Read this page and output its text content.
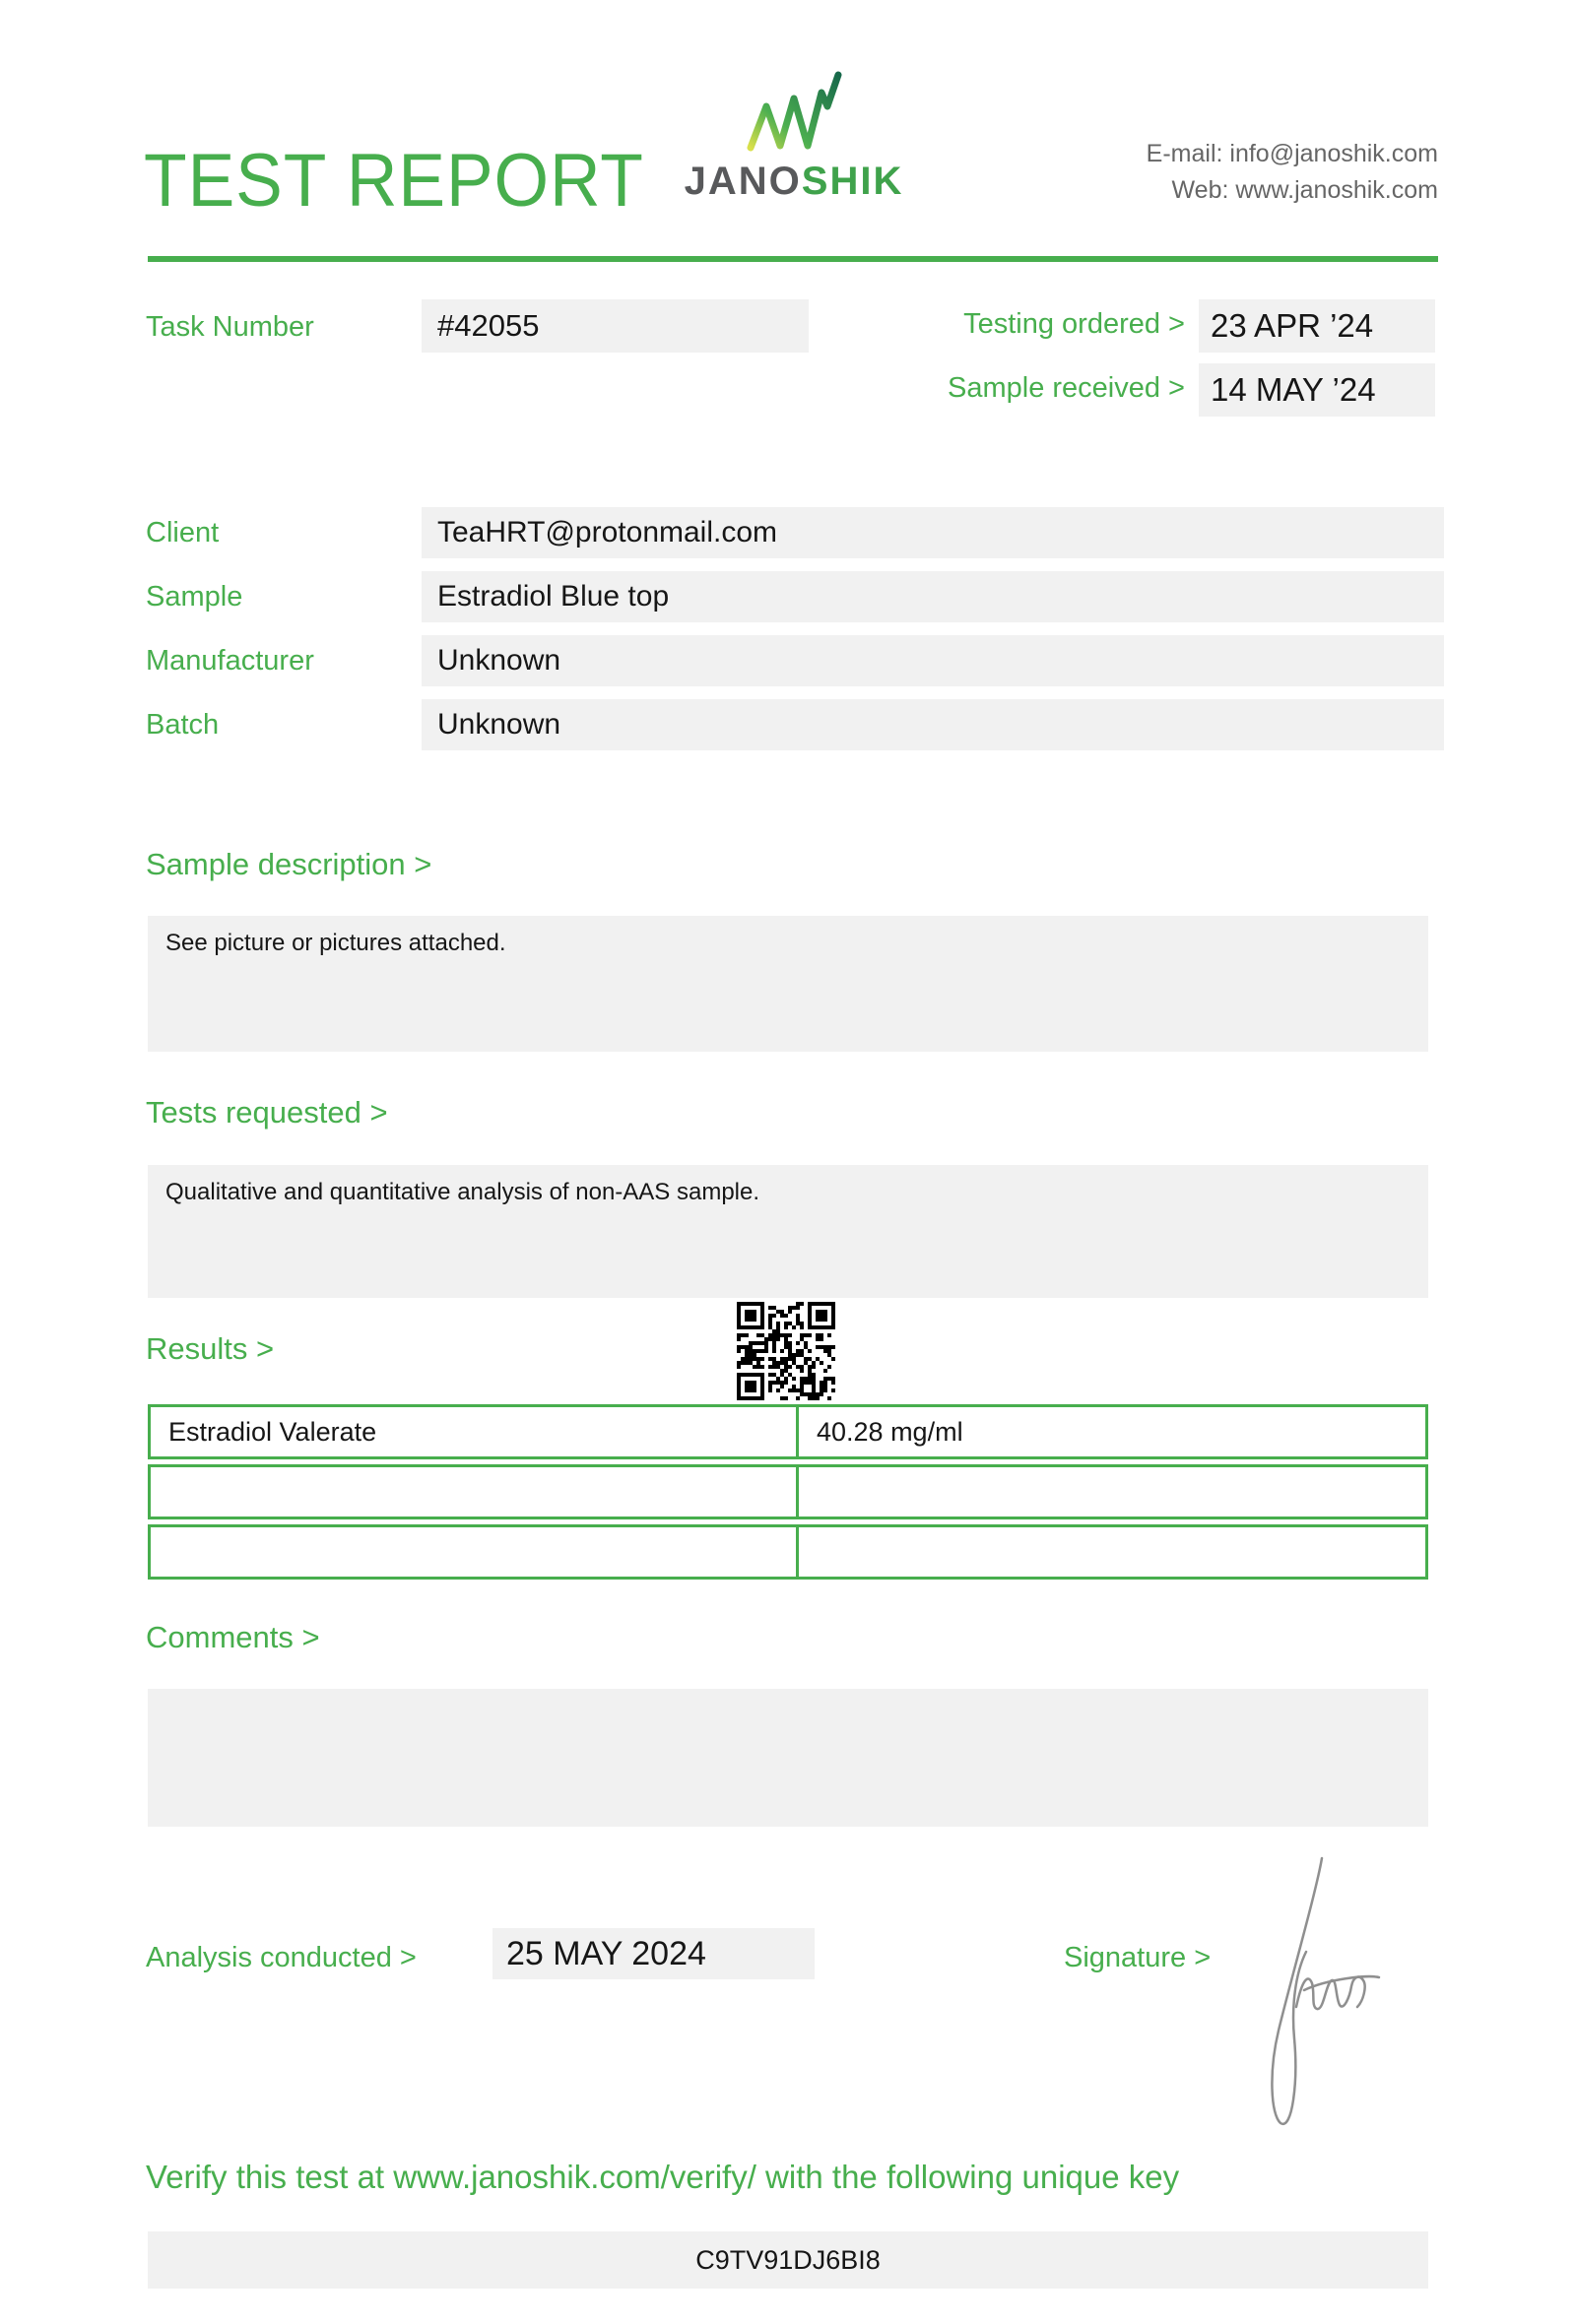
TEST REPORT JANOSHIK
E-mail: info@janoshik.com
Web: www.janoshik.com
Task Number	#42055	Testing ordered > 23 APR ’24
Sample received > 14 MAY ’24
Client	TeaHRT@protonmail.com
Sample	Estradiol Blue top
Manufacturer	Unknown
Batch	Unknown
Sample description >
See picture or pictures attached.
Tests requested >
Qualitative and quantitative analysis of non-AAS sample.
Results >
Estradiol Valerate	40.28 mg/ml
Comments >
Analysis conducted >	25 MAY 2024	Signature >
Verify this test at www.janoshik.com/verify/ with the following unique key
C9TV91DJ6BI8
